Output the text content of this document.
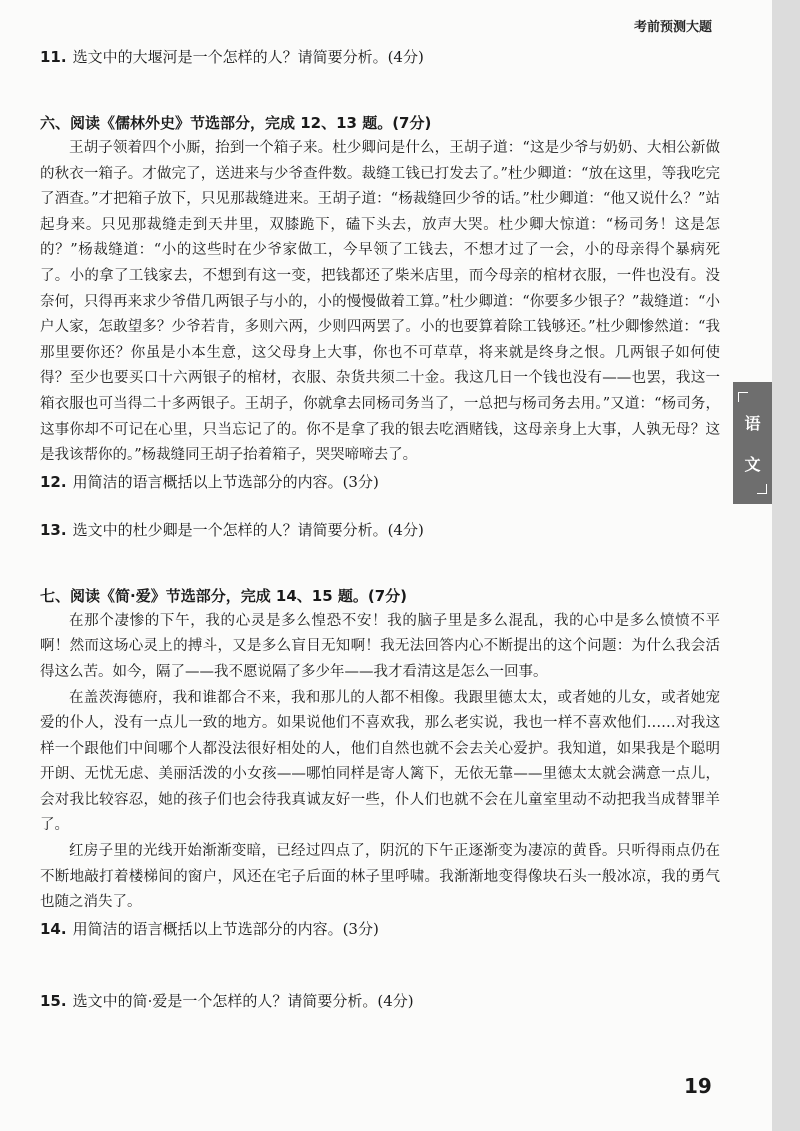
考前预测大题
11. 选文中的大堰河是一个怎样的人？请简要分析。(4分)
六、阅读《儒林外史》节选部分，完成 12、13 题。(7分)

王胡子领着四个小厮，抬到一个箱子来。杜少卿问是什么，王胡子道：“这是少爷与奶奶、大相公新做的秋衣一箱子。才做完了，送进来与少爷查件数。裁缝工钱已打发去了。”杜少卿道：“放在这里，等我吃完了酒查。”才把箱子放下，只见那裁缝进来。王胡子道：“杨裁缝回少爷的话。”杜少卿道：“他又说什么？”站起身来。只见那裁缝走到天井里，双膝跪下，磕下头去，放声大哭。杜少卿大惊道：“杨司务！这是怎的？”杨裁缝道：“小的这些时在少爷家做工，今早领了工钱去，不想才过了一会，小的母亲得个暴病死了。小的拿了工钱家去，不想到有这一变，把钱都还了柴米店里，而今母亲的棺材衣服，一件也没有。没奈何，只得再来求少爷借几两银子与小的，小的慢慢做着工算。”杜少卿道：“你要多少银子？”裁缝道：“小户人家，怎敢望多？少爷若肯，多则六两，少则四两罢了。小的也要算着除工钱够还。”杜少卿惨然道：“我那里要你还？你虽是小本生意，这父母身上大事，你也不可草草，将来就是终身之恨。几两银子如何使得？至少也要买口十六两银子的棺材，衣服、杂货共须二十金。我这几日一个钱也没有——也罢，我这一箱衣服也可当得二十多两银子。王胡子，你就拿去同杨司务当了，一总把与杨司务去用。”又道：“杨司务，这事你却不可记在心里，只当忘记了的。你不是拿了我的银去吃酒赌钱，这母亲身上大事，人孰无母？这是我该帮你的。”杨裁缝同王胡子抬着箱子，哭哭啼啼去了。

12. 用简洁的语言概括以上节选部分的内容。(3分)
13. 选文中的杜少卿是一个怎样的人？请简要分析。(4分)
七、阅读《简·爱》节选部分，完成 14、15 题。(7分)

在那个凄惨的下午，我的心灵是多么惶恐不安！我的脑子里是多么混乱，我的心中是多么愤愤不平啊！然而这场心灵上的搏斗，又是多么盲目无知啊！我无法回答内心不断提出的这个问题：为什么我会活得这么苦。如今，隔了——我不愿说隔了多少年——我才看清这是怎么一回事。

在盖茨海德府，我和谁都合不来，我和那儿的人都不相像。我跟里德太太，或者她的儿女，或者她宠爱的仆人，没有一点儿一致的地方。如果说他们不喜欢我，那么老实说，我也一样不喜欢他们……对我这样一个跟他们中间哪个人都没法很好相处的人，他们自然也就不会去关心爱护。我知道，如果我是个聪明开朗、无忧无虑、美丽活泼的小女孩——哪怕同样是寄人篱下，无依无靠——里德太太就会满意一点儿，会对我比较容忍，她的孩子们也会待我真诚友好一些，仆人们也就不会在儿童室里动不动把我当成替罪羊了。

红房子里的光线开始渐渐变暗，已经过四点了，阴沉的下午正逐渐变为凄凉的黄昏。只听得雨点仍在不断地敲打着楼梯间的窗户，风还在宅子后面的林子里呼啸。我渐渐地变得像块石头一般冰凉，我的勇气也随之消失了。

14. 用简洁的语言概括以上节选部分的内容。(3分)
15. 选文中的简·爱是一个怎样的人？请简要分析。(4分)
19
语
文
